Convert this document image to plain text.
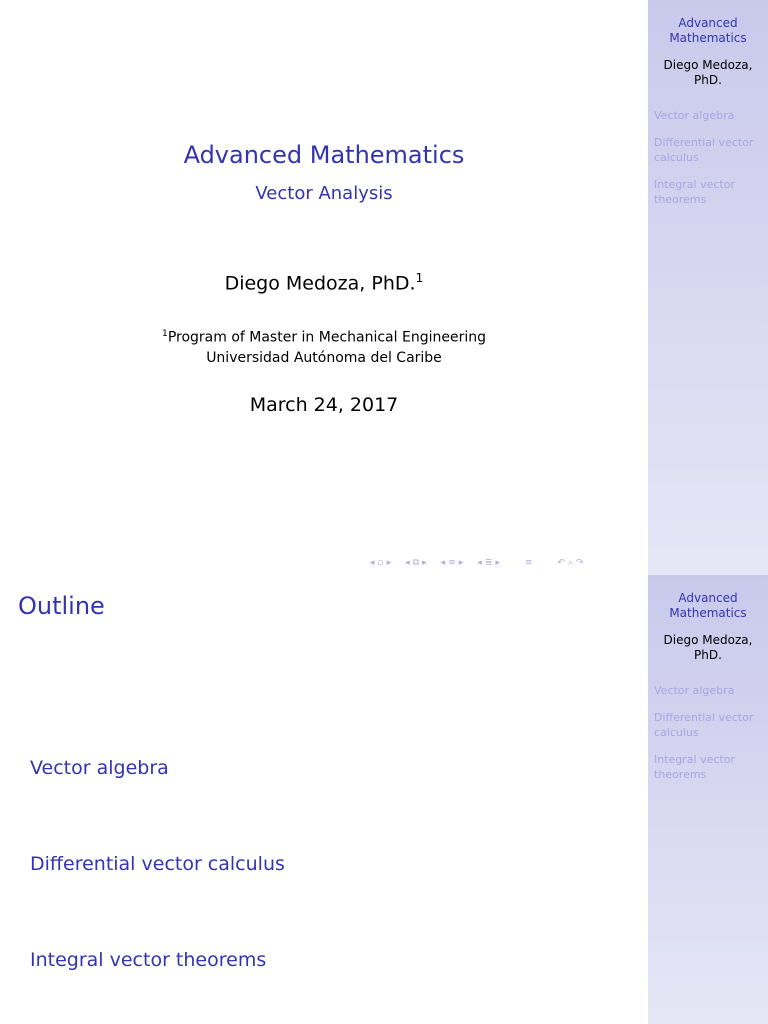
Advanced Mathematics
Vector Analysis
Diego Medoza, PhD.$^1$
$^1$Program of Master in Mechanical Engineering
Universidad Autónoma del Caribe
March 24, 2017
◂ ▫ ▸ ◂ ⧉ ▸ ◂ ≡ ▸ ◂ ≣ ▸	≡	↶ ⌕ ↷
Advanced Mathematics
Diego Medoza, PhD.
Vector algebra
Differential vector calculus
Integral vector theorems
Outline
Vector algebra
Differential vector calculus
Integral vector theorems
Advanced Mathematics
Diego Medoza, PhD.
Vector algebra
Differential vector calculus
Integral vector theorems
